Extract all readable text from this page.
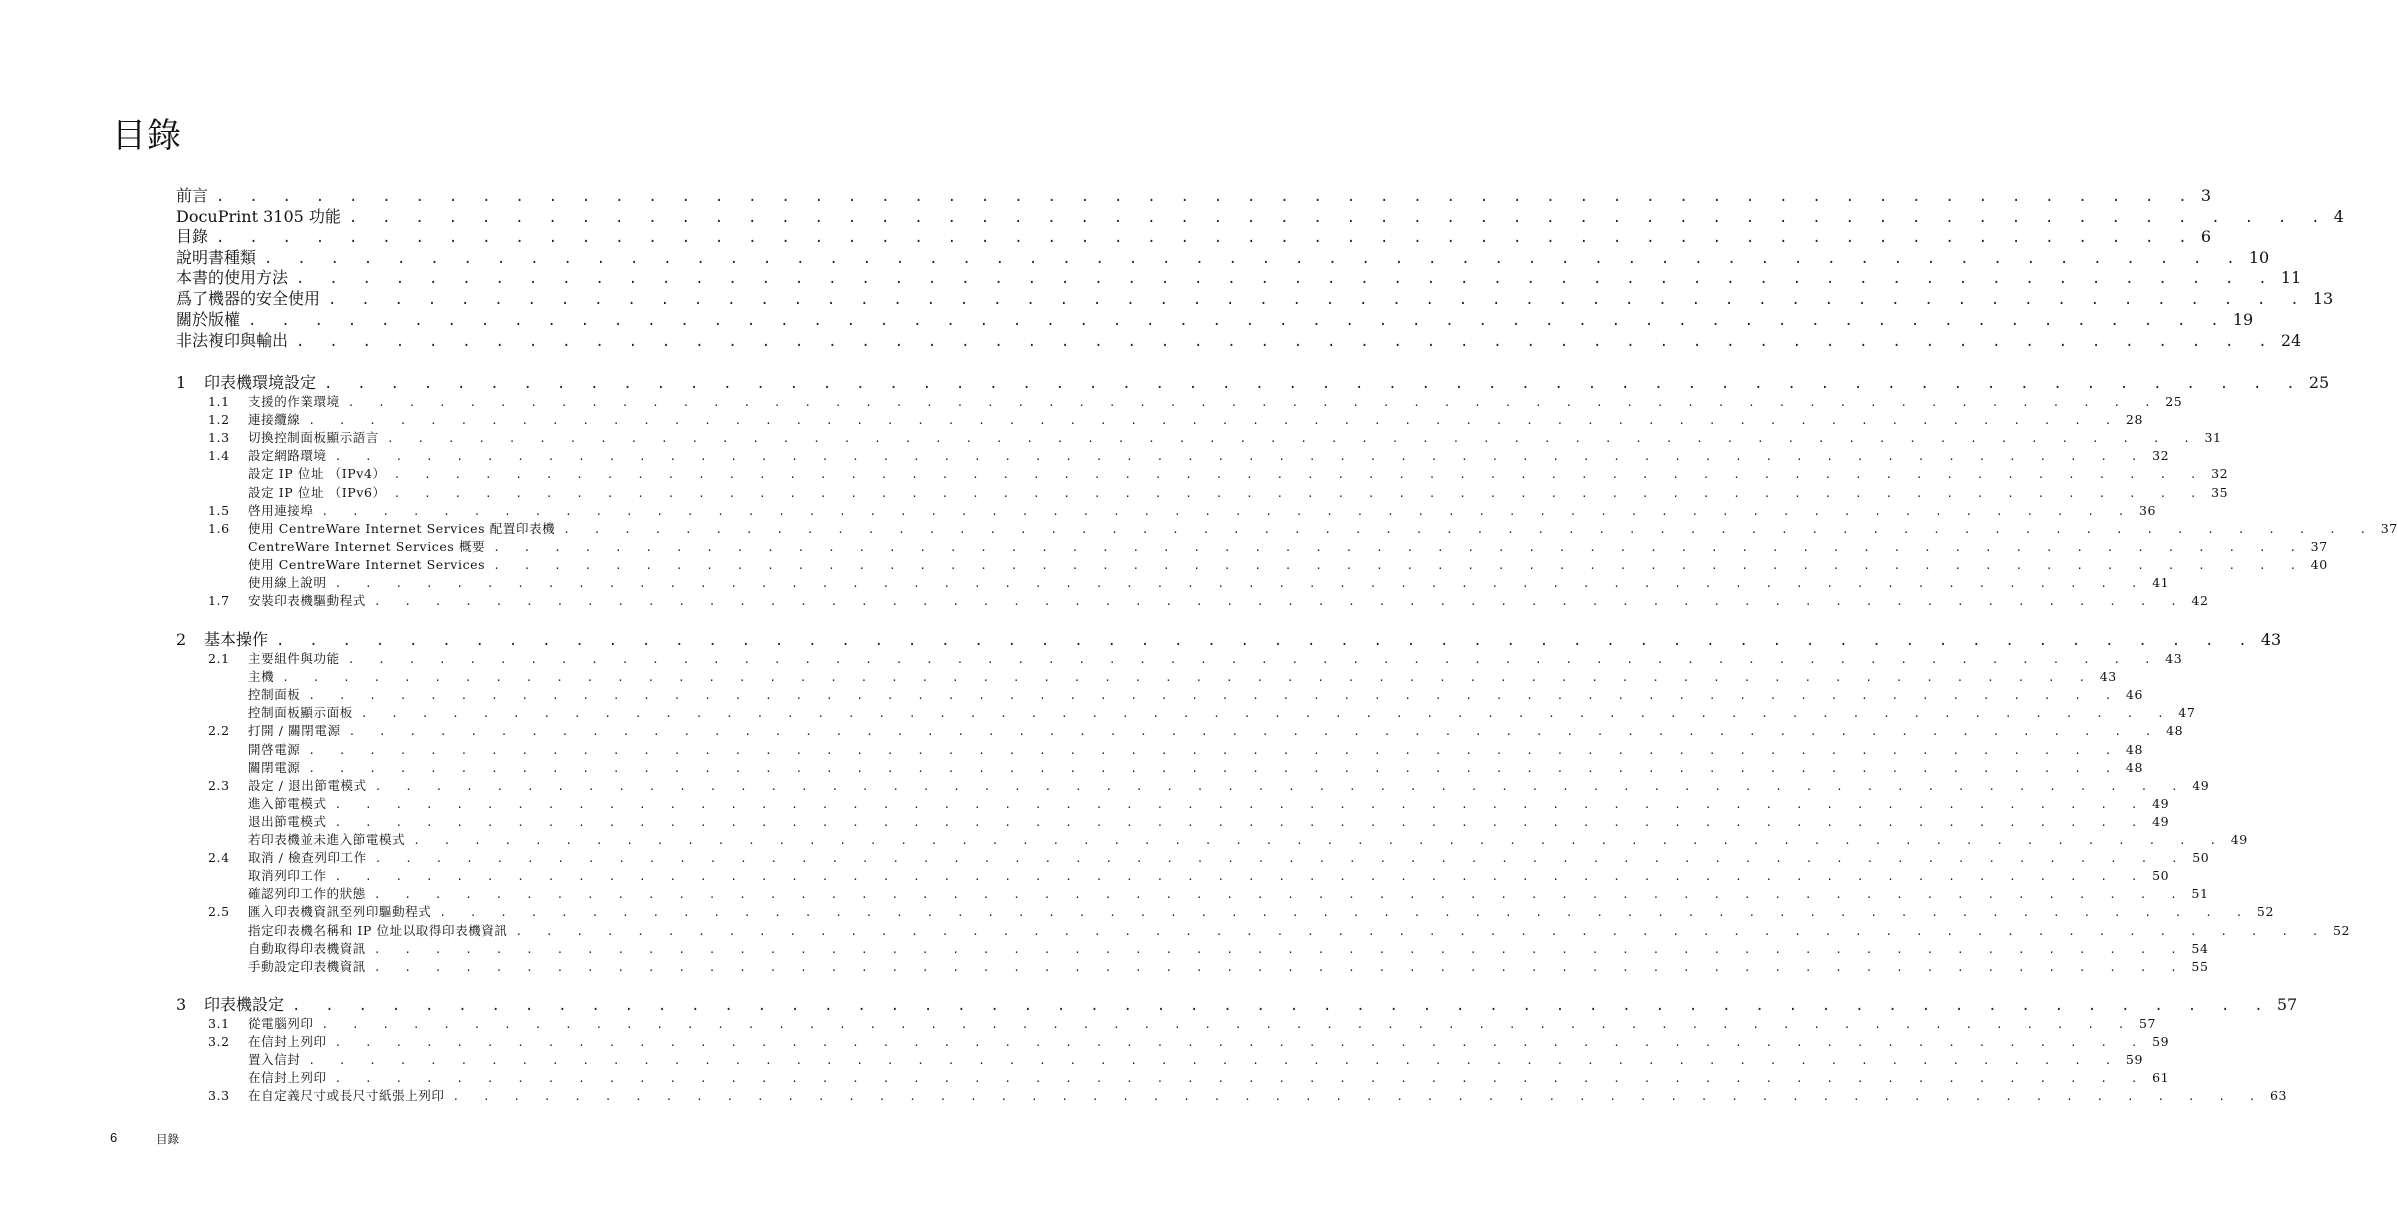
目錄
前言 . . . . . . . . . . . . . . . . . . . . . . . . . . . . . . . . . . . . . . . . . . . . . . . . . . . . . . . . . . . . 3
DocuPrint 3105 功能 . . . . . . . . . . . . . . . . . . . . . . . . . . . . . . . . . . . . . . . . . . . . . . . . . . . . . . . . . . . . 4
目錄 . . . . . . . . . . . . . . . . . . . . . . . . . . . . . . . . . . . . . . . . . . . . . . . . . . . . . . . . . . . . 6
說明書種類 . . . . . . . . . . . . . . . . . . . . . . . . . . . . . . . . . . . . . . . . . . . . . . . . . . . . . . . . . . . . 10
本書的使用方法 . . . . . . . . . . . . . . . . . . . . . . . . . . . . . . . . . . . . . . . . . . . . . . . . . . . . . . . . . . . . 11
爲了機器的安全使用 . . . . . . . . . . . . . . . . . . . . . . . . . . . . . . . . . . . . . . . . . . . . . . . . . . . . . . . . . . . . 13
關於版權 . . . . . . . . . . . . . . . . . . . . . . . . . . . . . . . . . . . . . . . . . . . . . . . . . . . . . . . . . . . . 19
非法複印與輸出 . . . . . . . . . . . . . . . . . . . . . . . . . . . . . . . . . . . . . . . . . . . . . . . . . . . . . . . . . . . . 24
1	印表機環境設定 . . . . . . . . . . . . . . . . . . . . . . . . . . . . . . . . . . . . . . . . . . . . . . . . . . . . . . . . . . . . 25
1.1	支援的作業環境 . . . . . . . . . . . . . . . . . . . . . . . . . . . . . . . . . . . . . . . . . . . . . . . . . . . . . . . . . . . . 25
1.2	連接纜線 . . . . . . . . . . . . . . . . . . . . . . . . . . . . . . . . . . . . . . . . . . . . . . . . . . . . . . . . . . . . 28
1.3	切換控制面板顯示語言 . . . . . . . . . . . . . . . . . . . . . . . . . . . . . . . . . . . . . . . . . . . . . . . . . . . . . . . . . . . . 31
1.4	設定網路環境 . . . . . . . . . . . . . . . . . . . . . . . . . . . . . . . . . . . . . . . . . . . . . . . . . . . . . . . . . . . . 32
設定 IP 位址 （IPv4） . . . . . . . . . . . . . . . . . . . . . . . . . . . . . . . . . . . . . . . . . . . . . . . . . . . . . . . . . . . . 32
設定 IP 位址 （IPv6） . . . . . . . . . . . . . . . . . . . . . . . . . . . . . . . . . . . . . . . . . . . . . . . . . . . . . . . . . . . . 35
1.5	啓用連接埠 . . . . . . . . . . . . . . . . . . . . . . . . . . . . . . . . . . . . . . . . . . . . . . . . . . . . . . . . . . . . 36
1.6	使用 CentreWare Internet Services 配置印表機 . . . . . . . . . . . . . . . . . . . . . . . . . . . . . . . . . . . . . . . . . . . . . . . . . . . . . . . . . . . . 37
CentreWare Internet Services 概要 . . . . . . . . . . . . . . . . . . . . . . . . . . . . . . . . . . . . . . . . . . . . . . . . . . . . . . . . . . . . 37
使用 CentreWare Internet Services . . . . . . . . . . . . . . . . . . . . . . . . . . . . . . . . . . . . . . . . . . . . . . . . . . . . . . . . . . . . 40
使用線上說明 . . . . . . . . . . . . . . . . . . . . . . . . . . . . . . . . . . . . . . . . . . . . . . . . . . . . . . . . . . . . 41
1.7	安裝印表機驅動程式 . . . . . . . . . . . . . . . . . . . . . . . . . . . . . . . . . . . . . . . . . . . . . . . . . . . . . . . . . . . . 42
2	基本操作 . . . . . . . . . . . . . . . . . . . . . . . . . . . . . . . . . . . . . . . . . . . . . . . . . . . . . . . . . . . . 43
2.1	主要組件與功能 . . . . . . . . . . . . . . . . . . . . . . . . . . . . . . . . . . . . . . . . . . . . . . . . . . . . . . . . . . . . 43
主機 . . . . . . . . . . . . . . . . . . . . . . . . . . . . . . . . . . . . . . . . . . . . . . . . . . . . . . . . . . . . 43
控制面板 . . . . . . . . . . . . . . . . . . . . . . . . . . . . . . . . . . . . . . . . . . . . . . . . . . . . . . . . . . . . 46
控制面板顯示面板 . . . . . . . . . . . . . . . . . . . . . . . . . . . . . . . . . . . . . . . . . . . . . . . . . . . . . . . . . . . . 47
2.2	打開 / 關閉電源 . . . . . . . . . . . . . . . . . . . . . . . . . . . . . . . . . . . . . . . . . . . . . . . . . . . . . . . . . . . . 48
開啓電源 . . . . . . . . . . . . . . . . . . . . . . . . . . . . . . . . . . . . . . . . . . . . . . . . . . . . . . . . . . . . 48
關閉電源 . . . . . . . . . . . . . . . . . . . . . . . . . . . . . . . . . . . . . . . . . . . . . . . . . . . . . . . . . . . . 48
2.3	設定 / 退出節電模式 . . . . . . . . . . . . . . . . . . . . . . . . . . . . . . . . . . . . . . . . . . . . . . . . . . . . . . . . . . . . 49
進入節電模式 . . . . . . . . . . . . . . . . . . . . . . . . . . . . . . . . . . . . . . . . . . . . . . . . . . . . . . . . . . . . 49
退出節電模式 . . . . . . . . . . . . . . . . . . . . . . . . . . . . . . . . . . . . . . . . . . . . . . . . . . . . . . . . . . . . 49
若印表機並未進入節電模式 . . . . . . . . . . . . . . . . . . . . . . . . . . . . . . . . . . . . . . . . . . . . . . . . . . . . . . . . . . . . 49
2.4	取消 / 檢查列印工作 . . . . . . . . . . . . . . . . . . . . . . . . . . . . . . . . . . . . . . . . . . . . . . . . . . . . . . . . . . . . 50
取消列印工作 . . . . . . . . . . . . . . . . . . . . . . . . . . . . . . . . . . . . . . . . . . . . . . . . . . . . . . . . . . . . 50
確認列印工作的狀態 . . . . . . . . . . . . . . . . . . . . . . . . . . . . . . . . . . . . . . . . . . . . . . . . . . . . . . . . . . . . 51
2.5	匯入印表機資訊至列印驅動程式 . . . . . . . . . . . . . . . . . . . . . . . . . . . . . . . . . . . . . . . . . . . . . . . . . . . . . . . . . . . . 52
指定印表機名稱和 IP 位址以取得印表機資訊 . . . . . . . . . . . . . . . . . . . . . . . . . . . . . . . . . . . . . . . . . . . . . . . . . . . . . . . . . . . . 52
自動取得印表機資訊 . . . . . . . . . . . . . . . . . . . . . . . . . . . . . . . . . . . . . . . . . . . . . . . . . . . . . . . . . . . . 54
手動設定印表機資訊 . . . . . . . . . . . . . . . . . . . . . . . . . . . . . . . . . . . . . . . . . . . . . . . . . . . . . . . . . . . . 55
3	印表機設定 . . . . . . . . . . . . . . . . . . . . . . . . . . . . . . . . . . . . . . . . . . . . . . . . . . . . . . . . . . . . 57
3.1	從電腦列印 . . . . . . . . . . . . . . . . . . . . . . . . . . . . . . . . . . . . . . . . . . . . . . . . . . . . . . . . . . . . 57
3.2	在信封上列印 . . . . . . . . . . . . . . . . . . . . . . . . . . . . . . . . . . . . . . . . . . . . . . . . . . . . . . . . . . . . 59
置入信封 . . . . . . . . . . . . . . . . . . . . . . . . . . . . . . . . . . . . . . . . . . . . . . . . . . . . . . . . . . . . 59
在信封上列印 . . . . . . . . . . . . . . . . . . . . . . . . . . . . . . . . . . . . . . . . . . . . . . . . . . . . . . . . . . . . 61
3.3	在自定義尺寸或長尺寸紙張上列印 . . . . . . . . . . . . . . . . . . . . . . . . . . . . . . . . . . . . . . . . . . . . . . . . . . . . . . . . . . . . 63
6	目錄
